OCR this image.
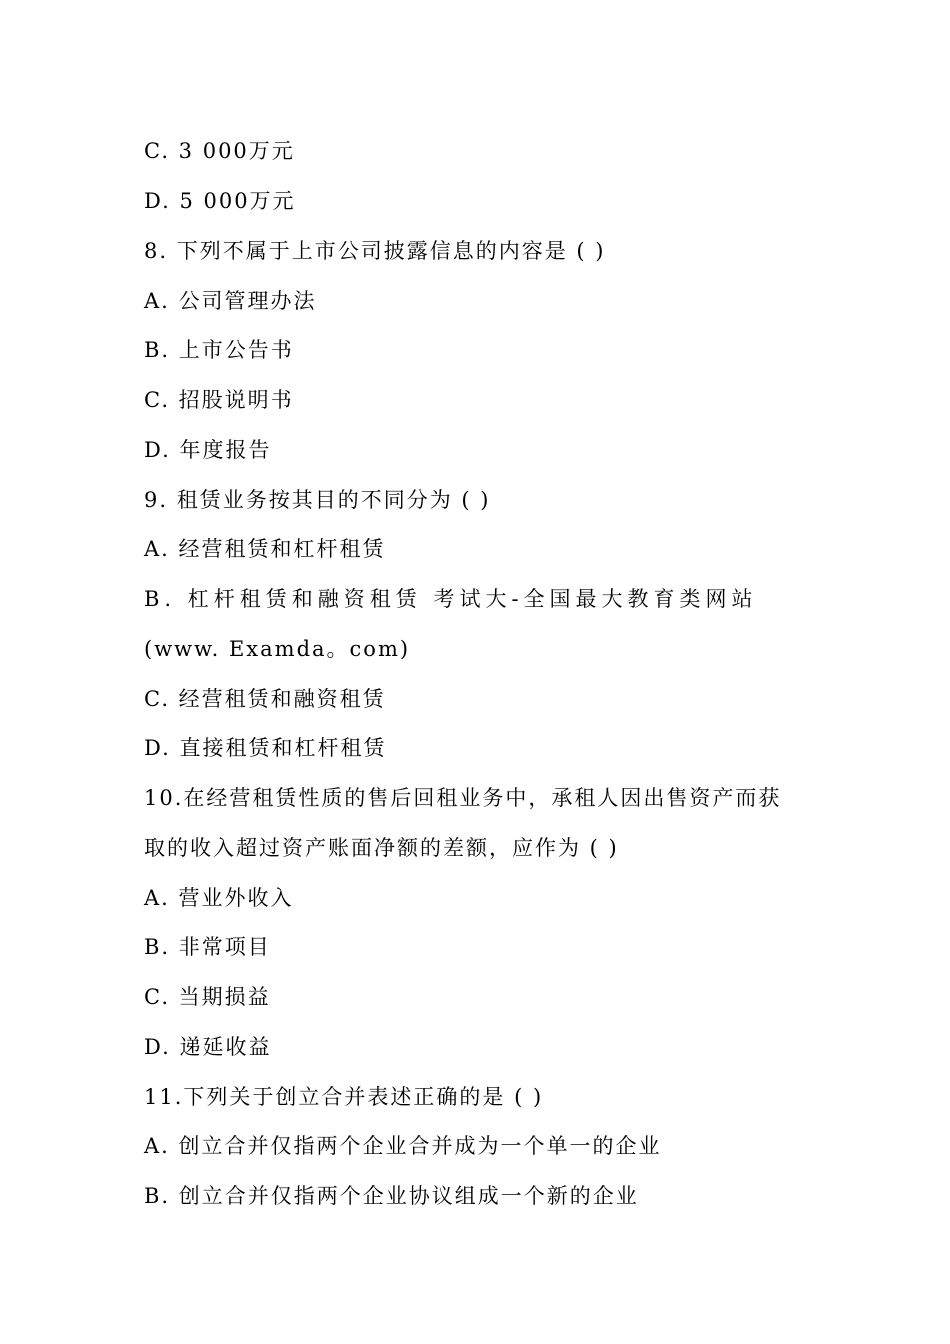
C. 3 000万元
D. 5 000万元
8. 下列不属于上市公司披露信息的内容是 ( )
A. 公司管理办法
B. 上市公告书
C. 招股说明书
D. 年度报告
9. 租赁业务按其目的不同分为 ( )
A. 经营租赁和杠杆租赁
B. 杠杆租赁和融资租赁 考试大-全国最大教育类网站
(www. Examda。com)
C. 经营租赁和融资租赁
D. 直接租赁和杠杆租赁
10.在经营租赁性质的售后回租业务中，承租人因出售资产而获
取的收入超过资产账面净额的差额，应作为 ( )
A. 营业外收入
B. 非常项目
C. 当期损益
D. 递延收益
11.下列关于创立合并表述正确的是 ( )
A. 创立合并仅指两个企业合并成为一个单一的企业
B. 创立合并仅指两个企业协议组成一个新的企业
